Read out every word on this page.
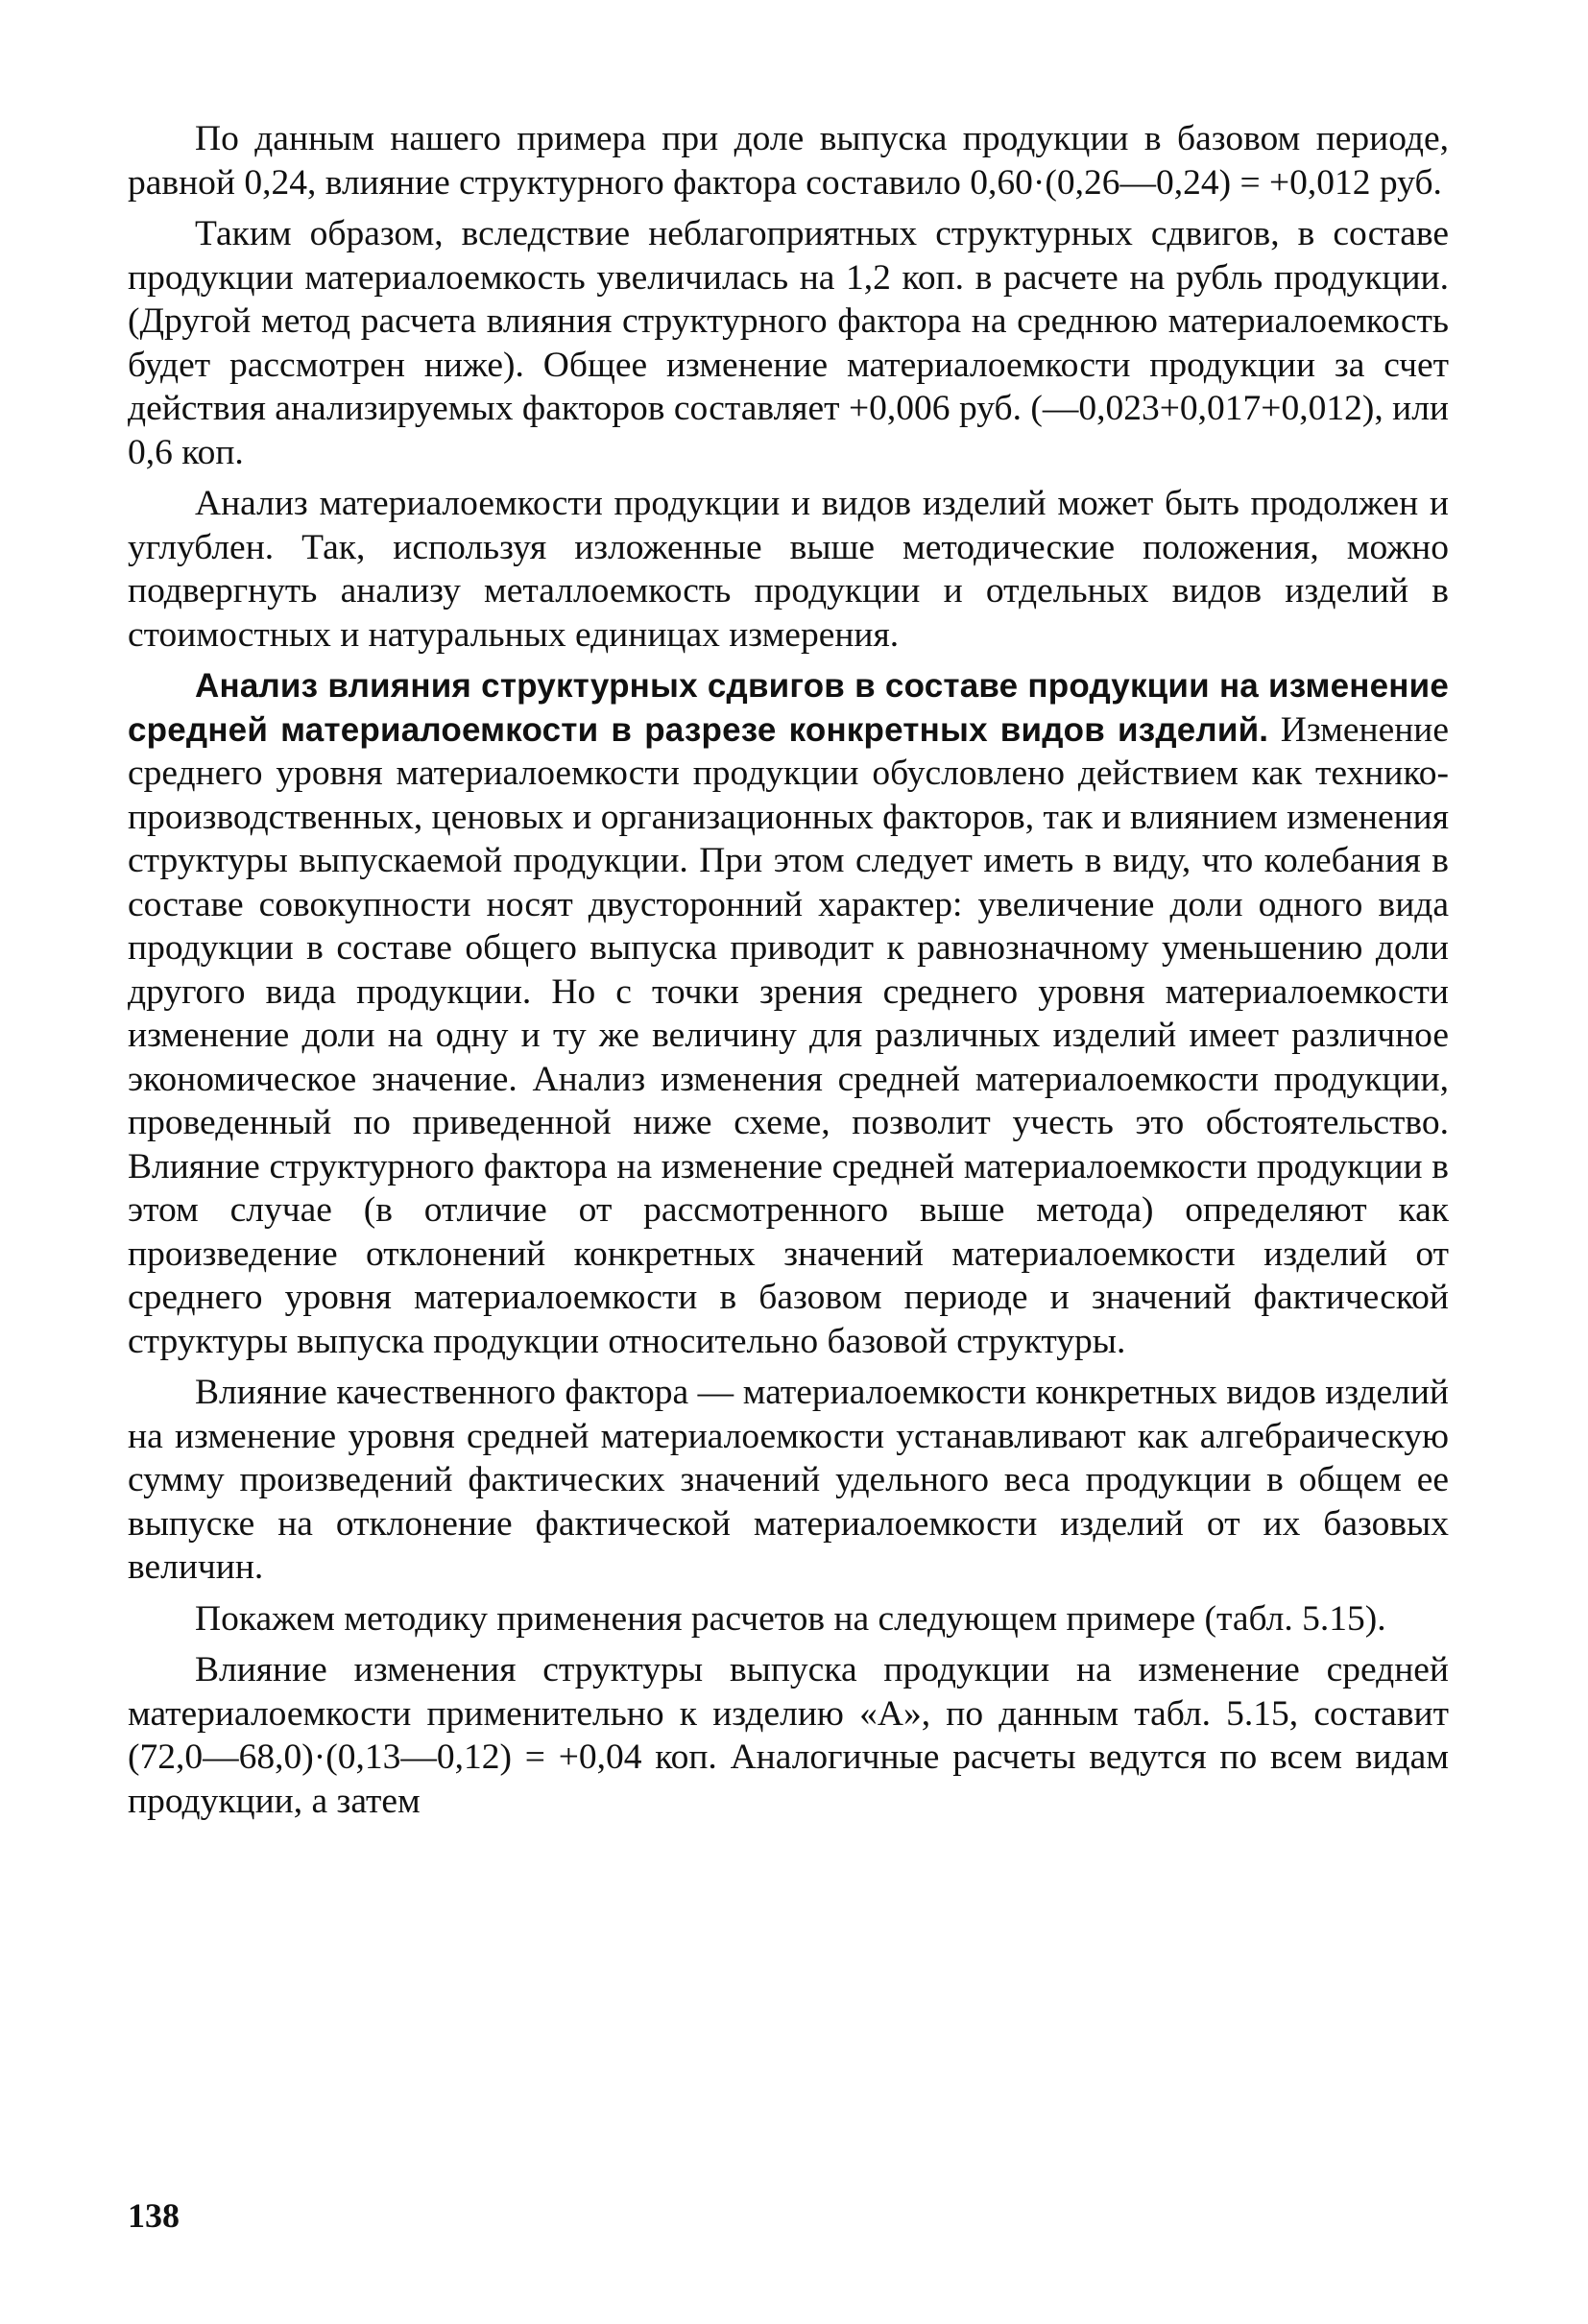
По данным нашего примера при доле выпуска продукции в базовом периоде, равной 0,24, влияние структурного фактора составило 0,60·(0,26—0,24) = +0,012 руб.

Таким образом, вследствие неблагоприятных структурных сдвигов, в составе продукции материалоемкость увеличилась на 1,2 коп. в расчете на рубль продукции. (Другой метод расчета влияния структурного фактора на среднюю материалоемкость будет рассмотрен ниже). Общее изменение материалоемкости продукции за счет действия анализируемых факторов составляет +0,006 руб. (—0,023+0,017+0,012), или 0,6 коп.

Анализ материалоемкости продукции и видов изделий может быть продолжен и углублен. Так, используя изложенные выше методические положения, можно подвергнуть анализу металлоемкость продукции и отдельных видов изделий в стоимостных и натуральных единицах измерения.

Анализ влияния структурных сдвигов в составе продукции на изменение средней материалоемкости в разрезе конкретных видов изделий. Изменение среднего уровня материалоемкости продукции обусловлено действием как технико-производственных, ценовых и организационных факторов, так и влиянием изменения структуры выпускаемой продукции. При этом следует иметь в виду, что колебания в составе совокупности носят двусторонний характер: увеличение доли одного вида продукции в составе общего выпуска приводит к равнозначному уменьшению доли другого вида продукции. Но с точки зрения среднего уровня материалоемкости изменение доли на одну и ту же величину для различных изделий имеет различное экономическое значение. Анализ изменения средней материалоемкости продукции, проведенный по приведенной ниже схеме, позволит учесть это обстоятельство. Влияние структурного фактора на изменение средней материалоемкости продукции в этом случае (в отличие от рассмотренного выше метода) определяют как произведение отклонений конкретных значений материалоемкости изделий от среднего уровня материалоемкости в базовом периоде и значений фактической структуры выпуска продукции относительно базовой структуры.

Влияние качественного фактора — материалоемкости конкретных видов изделий на изменение уровня средней материалоемкости устанавливают как алгебраическую сумму произведений фактических значений удельного веса продукции в общем ее выпуске на отклонение фактической материалоемкости изделий от их базовых величин.

Покажем методику применения расчетов на следующем примере (табл. 5.15).

Влияние изменения структуры выпуска продукции на изменение средней материалоемкости применительно к изделию «А», по данным табл. 5.15, составит (72,0—68,0)·(0,13—0,12) = +0,04 коп. Аналогичные расчеты ведутся по всем видам продукции, а затем

138
